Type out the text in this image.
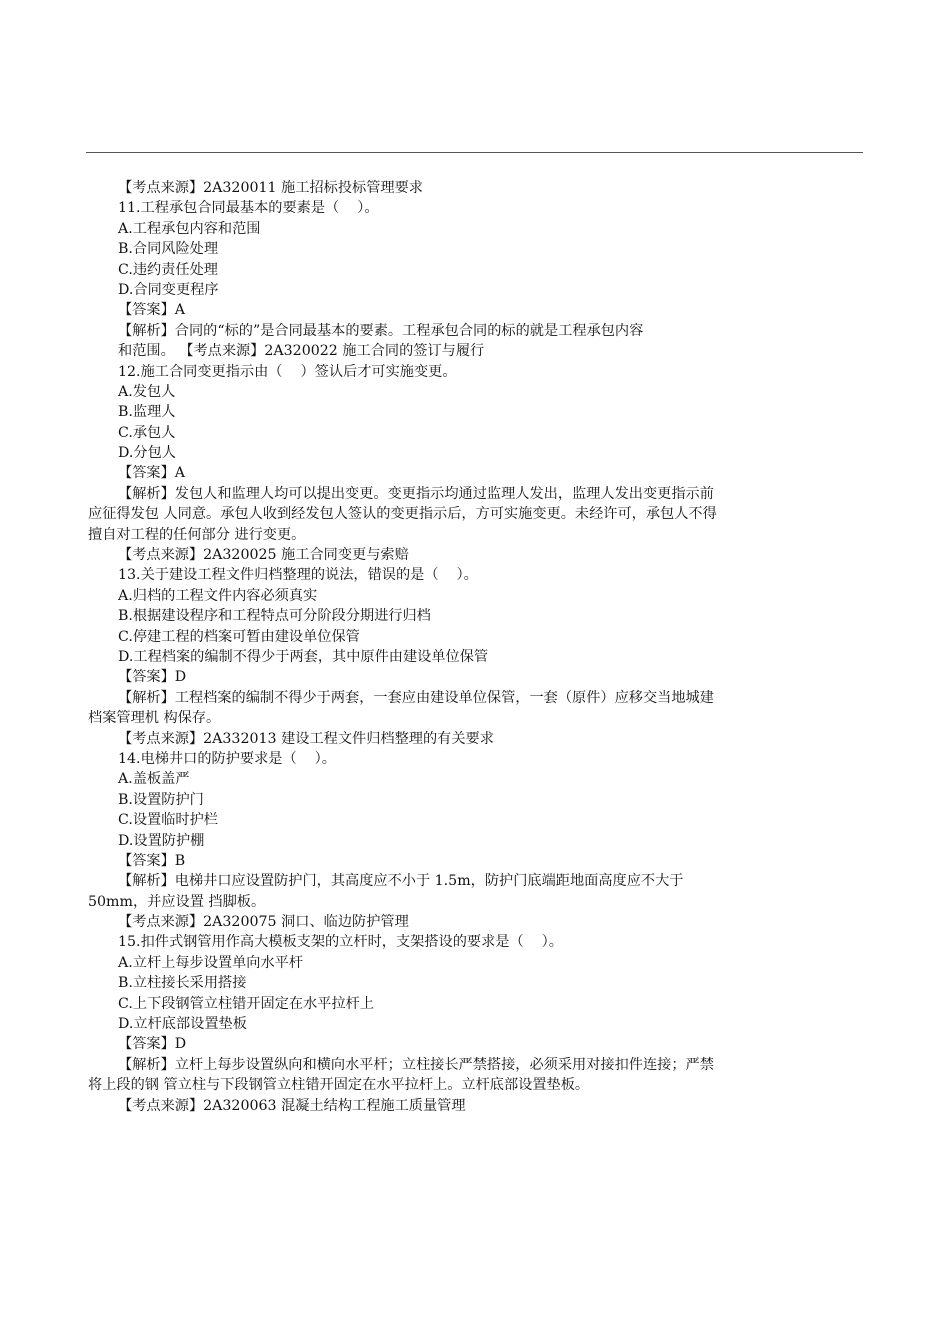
【考点来源】2A320011 施工招标投标管理要求
11.工程承包合同最基本的要素是（    ）。
A.工程承包内容和范围
B.合同风险处理
C.违约责任处理
D.合同变更程序
【答案】A
【解析】合同的“标的”是合同最基本的要素。工程承包合同的标的就是工程承包内容
和范围。 【考点来源】2A320022 施工合同的签订与履行
12.施工合同变更指示由（    ）签认后才可实施变更。
A.发包人
B.监理人
C.承包人
D.分包人
【答案】A
【解析】发包人和监理人均可以提出变更。变更指示均通过监理人发出，监理人发出变更指示前
应征得发包 人同意。承包人收到经发包人签认的变更指示后，方可实施变更。未经许可，承包人不得
擅自对工程的任何部分 进行变更。
【考点来源】2A320025 施工合同变更与索赔
13.关于建设工程文件归档整理的说法，错误的是（    ）。
A.归档的工程文件内容必须真实
B.根据建设程序和工程特点可分阶段分期进行归档
C.停建工程的档案可暂由建设单位保管
D.工程档案的编制不得少于两套，其中原件由建设单位保管
【答案】D
【解析】工程档案的编制不得少于两套，一套应由建设单位保管，一套（原件）应移交当地城建
档案管理机 构保存。
【考点来源】2A332013 建设工程文件归档整理的有关要求
14.电梯井口的防护要求是（    ）。
A.盖板盖严
B.设置防护门
C.设置临时护栏
D.设置防护棚
【答案】B
【解析】电梯井口应设置防护门，其高度应不小于 1.5m，防护门底端距地面高度应不大于
50mm，并应设置 挡脚板。
【考点来源】2A320075 洞口、临边防护管理
15.扣件式钢管用作高大模板支架的立杆时，支架搭设的要求是（    ）。
A.立杆上每步设置单向水平杆
B.立柱接长采用搭接
C.上下段钢管立柱错开固定在水平拉杆上
D.立杆底部设置垫板
【答案】D
【解析】立杆上每步设置纵向和横向水平杆；立柱接长严禁搭接，必须采用对接扣件连接；严禁
将上段的钢 管立柱与下段钢管立柱错开固定在水平拉杆上。立杆底部设置垫板。
【考点来源】2A320063 混凝土结构工程施工质量管理
